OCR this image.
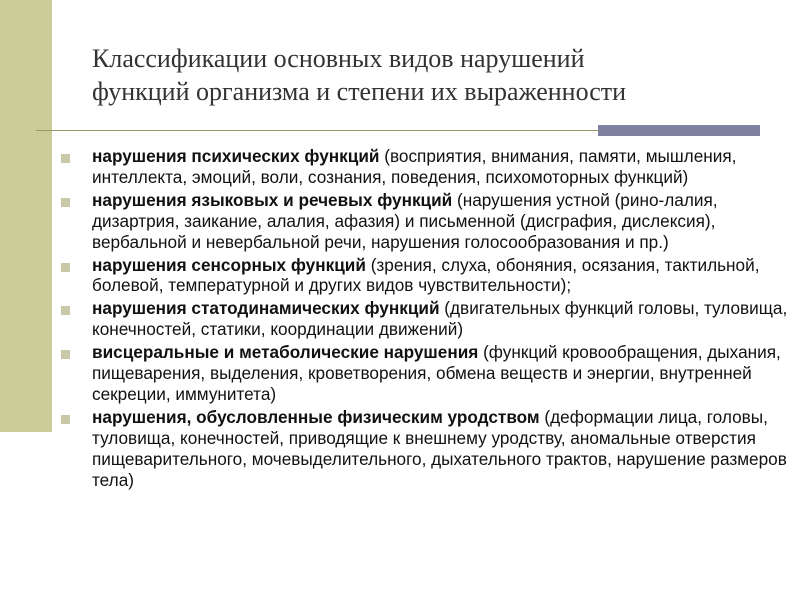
Классификации основных видов нарушений
функций организма и степени их выраженности
нарушения психических функций (восприятия, внимания, памяти, мышления, интеллекта, эмоций, воли, сознания, поведения, психомоторных функций)
нарушения языковых и речевых функций (нарушения устной (рино-лалия, дизартрия, заикание, алалия, афазия) и письменной (дисграфия, дислексия), вербальной и невербальной речи, нарушения голосообразования и пр.)
нарушения сенсорных функций (зрения, слуха, обоняния, осязания, тактильной, болевой, температурной и других видов чувствительности);
нарушения статодинамических функций (двигательных функций головы, туловища, конечностей, статики, координации движений)
висцеральные и метаболические нарушения (функций кровообращения, дыхания, пищеварения, выделения, кроветворения, обмена веществ и энергии, внутренней секреции, иммунитета)
нарушения, обусловленные физическим уродством (деформации лица, головы, туловища, конечностей, приводящие к внешнему уродству, аномальные отверстия пищеварительного, мочевыделительного, дыхательного трактов, нарушение размеров тела)
